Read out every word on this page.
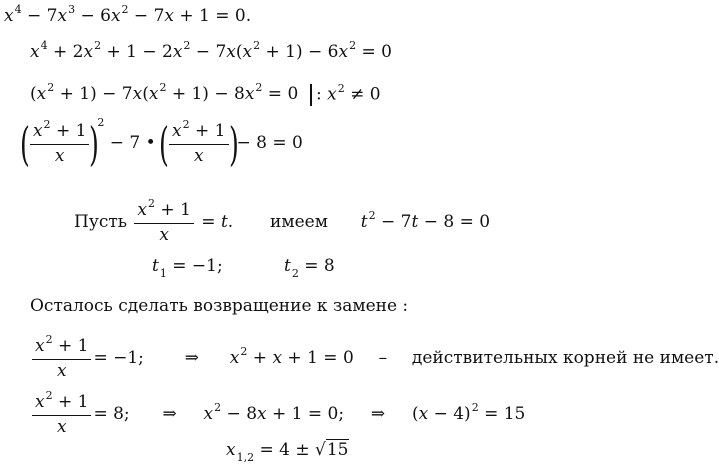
$x^4 - 7x^3 - 6x^2 - 7x + 1 = 0$.
$x^4 + 2x^2 + 1 - 2x^2 - 7x(x^2 + 1) - 6x^2 = 0$
$(x^2 + 1) - 7x(x^2 + 1) - 8x^2 = 0$	: $x^2 \ne 0$
( $\frac{x^2 + 1}{x} )^2 - 7$ • ( $\frac{x^2 + 1}{x}$ )− 8 = 0
Пусть $\frac{x^2 + 1}{x} = t$.  имеем $t^2 - 7t - 8 = 0$
$t_1 = -1$;	$t_2 = 8$
Осталось сделать возвращение к замене :
$\frac{x^2 + 1}{x} = -1$;  ⇒ $x^2 + x + 1 = 0$  – действительных корней не имеет.
$\frac{x^2 + 1}{x} = 8$;  ⇒ $x^2 - 8x + 1 = 0$;  ⇒  $(x - 4)^2 = 15$
$x_{1,2} = 4 \pm √15$
